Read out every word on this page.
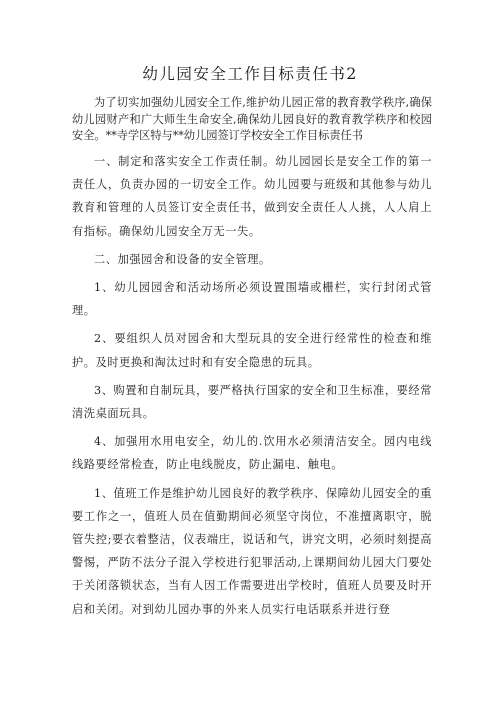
幼儿园安全工作目标责任书2
为了切实加强幼儿园安全工作,维护幼儿园正常的教育教学秩序,确保幼儿园财产和广大师生生命安全,确保幼儿园良好的教育教学秩序和校园安全。**寺学区特与**幼儿园签订学校安全工作目标责任书

一、制定和落实安全工作责任制。幼儿园园长是安全工作的第一责任人，负责办园的一切安全工作。幼儿园要与班级和其他参与幼儿教育和管理的人员签订安全责任书，做到安全责任人人挑，人人肩上有指标。确保幼儿园安全万无一失。

二、加强园舍和设备的安全管理。

1、幼儿园园舍和活动场所必须设置围墙或栅栏，实行封闭式管理。

2、要组织人员对园舍和大型玩具的安全进行经常性的检查和维护。及时更换和淘汰过时和有安全隐患的玩具。

3、购置和自制玩具，要严格执行国家的安全和卫生标准，要经常清洗桌面玩具。

4、加强用水用电安全，幼儿的.饮用水必须清洁安全。园内电线线路要经常检查，防止电线脱皮，防止漏电、触电。

1、值班工作是维护幼儿园良好的教学秩序、保障幼儿园安全的重要工作之一，值班人员在值勤期间必须坚守岗位，不准擅离职守，脱管失控;要衣着整洁，仪表端庄，说话和气，讲究文明，必须时刻提高警惕，严防不法分子混入学校进行犯罪活动,上课期间幼儿园大门要处于关闭落锁状态，当有人因工作需要进出学校时，值班人员要及时开启和关闭。对到幼儿园办事的外来人员实行电话联系并进行登
